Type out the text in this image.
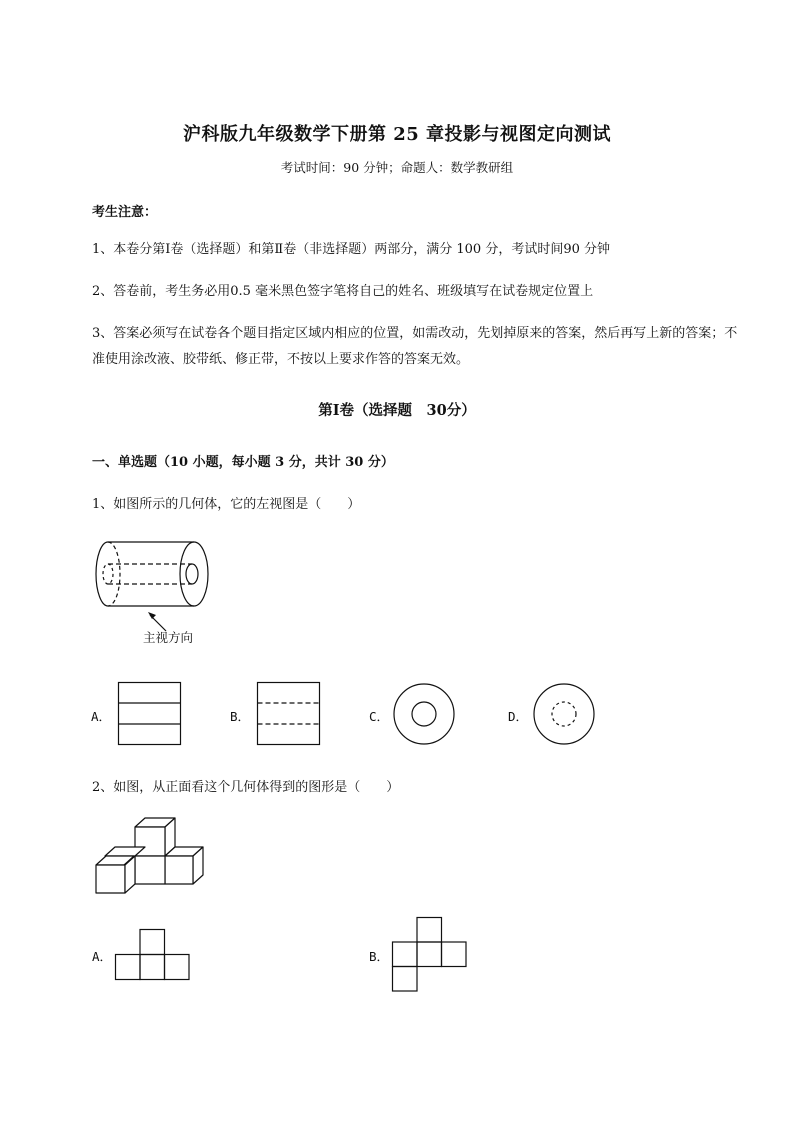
沪科版九年级数学下册第 25 章投影与视图定向测试
考试时间：90 分钟；命题人：数学教研组
考生注意：
1、本卷分第Ⅰ卷（选择题）和第Ⅱ卷（非选择题）两部分，满分 100 分，考试时间90 分钟
2、答卷前，考生务必用0.5 毫米黑色签字笔将自己的姓名、班级填写在试卷规定位置上
3、答案必须写在试卷各个题目指定区域内相应的位置，如需改动，先划掉原来的答案，然后再写上新的答案；不准使用涂改液、胶带纸、修正带，不按以上要求作答的答案无效。
第Ⅰ卷（选择题　30分）
一、单选题（10 小题，每小题 3 分，共计 30 分）
1、如图所示的几何体，它的左视图是（　　）
主视方向
A．	B．	C．	D．
2、如图，从正面看这个几何体得到的图形是（　　）
A．	B．
